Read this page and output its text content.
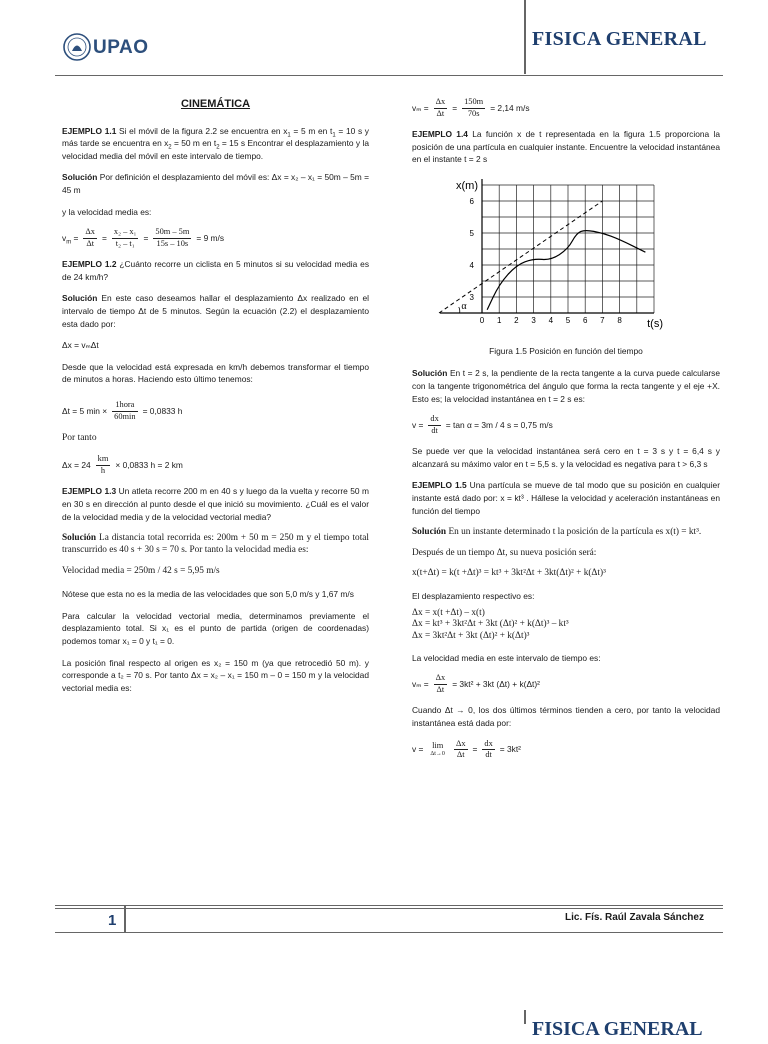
UPAO	FISICA GENERAL
CINEMÁTICA

EJEMPLO 1.1 Si el móvil de la figura 2.2 se encuentra en $x_1 = 5$ m en $t_1 = 10$ s y más tarde se encuentra en $x_2 = 50$ m en $t_2 = 15$ s Encontrar el desplazamiento y la velocidad media del móvil en este intervalo de tiempo.

Solución Por definición el desplazamiento del móvil es: Δx = x₂ – x₁ = 50m – 5m = 45 m

y la velocidad media es:

$v_m = \frac{\Delta x}{\Delta t} = \frac{\text{x₂ – x₁}}{\text{t₂ – t₁}} = \frac{50m - 5m}{15s - 10s} = 9$ m/s

EJEMPLO 1.2 ¿Cuánto recorre un ciclista en 5 minutos si su velocidad media es de 24 km/h?

Solución En este caso deseamos hallar el desplazamiento Δx realizado en el intervalo de tiempo Δt de 5 minutos. Según la ecuación (2.2) el desplazamiento esta dado por:

Δx = vₘΔt

Desde que la velocidad está expresada en km/h debemos transformar el tiempo de minutos a horas. Haciendo esto último tenemos:

Δt = 5 $\min \times \frac{\text{1hora}}{60\min} = 0,0833$ h

Por tanto

$\Delta x = 24 \frac{km}{h} \times 0,0833$ h = 2 km

EJEMPLO 1.3 Un atleta recorre 200 m en 40 s y luego da la vuelta y recorre 50 m en 30 s en dirección al punto desde el que inició su movimiento. ¿Cuál es el valor de la velocidad media y de la velocidad vectorial media?

Solución La distancia total recorrida es: 200m + 50 m = 250 m y el tiempo total transcurrido es 40 s + 30 s = 70 s. Por tanto la velocidad media es:

Velocidad media = 250m / 42 s = 5,95 m/s

Nótese que esta no es la media de las velocidades que son 5,0 m/s y 1,67 m/s

Para calcular la velocidad vectorial media, determinamos previamente el desplazamiento total. Si x₁ es el punto de partida (origen de coordenadas) podemos tomar x₁ = 0 y t₁ = 0.

La posición final respecto al origen es x₂ = 150 m (ya que retrocedió 50 m). y corresponde a t₂ = 70 s. Por tanto Δx = x₂ – x₁ = 150 m – 0 = 150 m y la velocidad vectorial media es:

$v_m = \frac{\Delta x}{\Delta t} = \frac{150m}{70s} = 2,14$ m/s

EJEMPLO 1.4 La función x de t representada en la figura 1.5 proporciona la posición de una partícula en cualquier instante. Encuentre la velocidad instantánea en el instante t = 2 s

0 1 2 3 4 5 6 7 8
3
4
5
6
t(s)
x(m)
α

Figura 1.5 Posición en función del tiempo

Solución En t = 2 s, la pendiente de la recta tangente a la curva puede calcularse con la tangente trigonométrica del ángulo que forma la recta tangente y el eje +X. Esto es; la velocidad instantánea en t = 2 s es:

$v = \frac{dx}{dt} = \tan \alpha = 3m / 4$ s = 0,75 m/s

Se puede ver que la velocidad instantánea será cero en t = 3 s y t = 6,4 s y alcanzará su máximo valor en t = 5,5 s. y la velocidad es negativa para t > 6,3 s

EJEMPLO 1.5 Una partícula se mueve de tal modo que su posición en cualquier instante está dado por: x = kt³ . Hállese la velocidad y aceleración instantáneas en función del tiempo

Solución En un instante determinado t la posición de la partícula es x(t) = kt³.

Después de un tiempo Δt, su nueva posición será:

x(t+Δt) = k(t +Δt)³ = kt³ + 3kt²Δt + 3kt(Δt)² + k(Δt)³

El desplazamiento respectivo es:

Δx = x(t +Δt) – x(t)
Δx = kt³ + 3kt²Δt + 3kt (Δt)² + k(Δt)³ – kt³
Δx = 3kt²Δt + 3kt (Δt)² + k(Δt)³

La velocidad media en este intervalo de tiempo es:

$v_m = \frac{\Delta x}{\Delta t} = 3kt^2 + 3kt$ (Δt) + k(Δt)²

Cuando Δt → 0, los dos últimos términos tienden a cero, por tanto la velocidad instantánea está dada por:

v =	lim
$\Delta t\to 0 \frac{\Delta x}{\Delta t} = \frac{dx}{dt} = 3kt^2$
1	Lic. Fís. Raúl Zavala Sánchez
FISICA GENERAL
